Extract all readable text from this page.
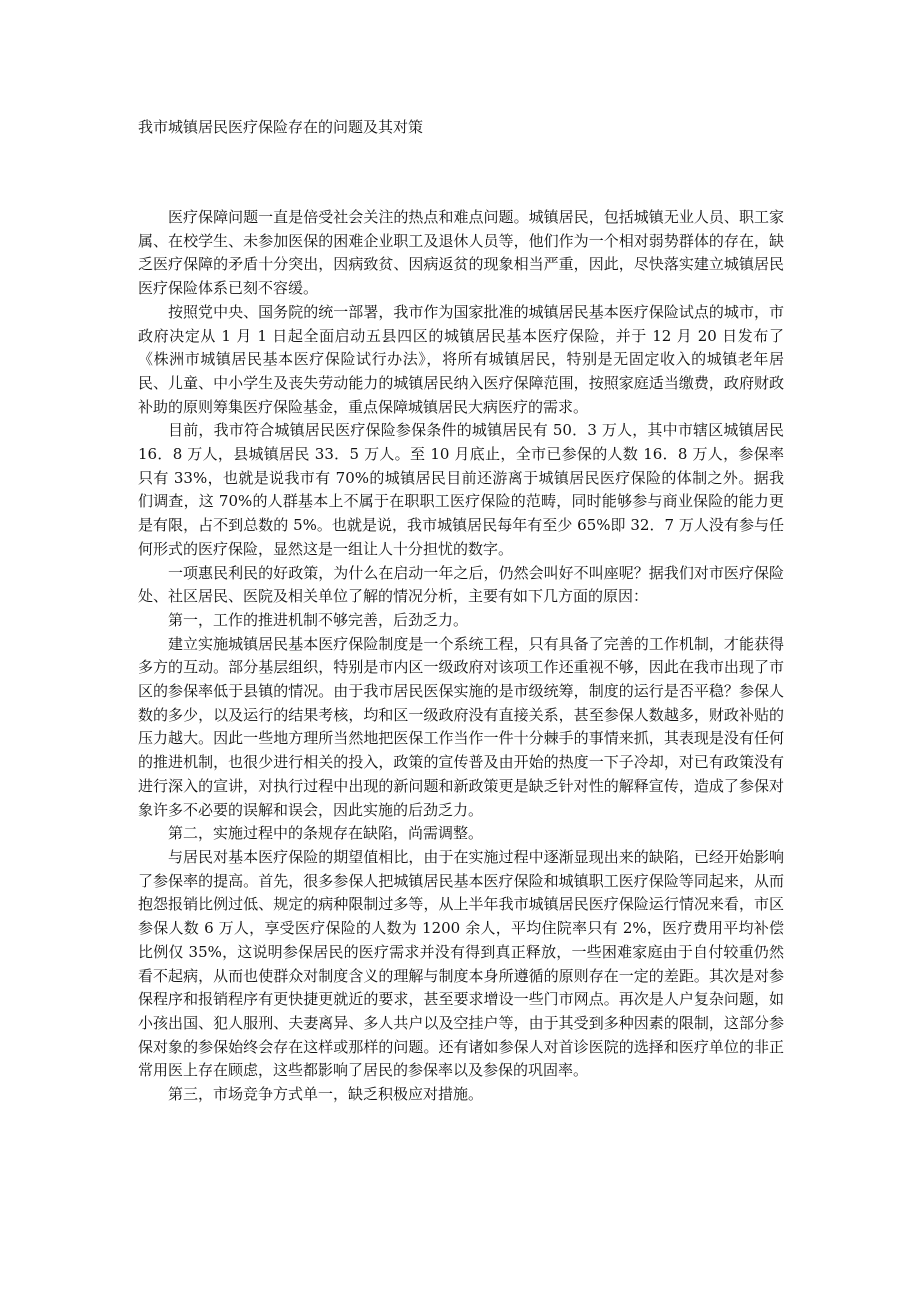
我市城镇居民医疗保险存在的问题及其对策

医疗保障问题一直是倍受社会关注的热点和难点问题。城镇居民，包括城镇无业人员、职工家属、在校学生、未参加医保的困难企业职工及退休人员等，他们作为一个相对弱势群体的存在，缺乏医疗保障的矛盾十分突出，因病致贫、因病返贫的现象相当严重，因此，尽快落实建立城镇居民医疗保险体系已刻不容缓。

按照党中央、国务院的统一部署，我市作为国家批准的城镇居民基本医疗保险试点的城市，市政府决定从 1 月 1 日起全面启动五县四区的城镇居民基本医疗保险，并于 12 月 20 日发布了《株洲市城镇居民基本医疗保险试行办法》，将所有城镇居民，特别是无固定收入的城镇老年居民、儿童、中小学生及丧失劳动能力的城镇居民纳入医疗保障范围，按照家庭适当缴费，政府财政补助的原则筹集医疗保险基金，重点保障城镇居民大病医疗的需求。

目前，我市符合城镇居民医疗保险参保条件的城镇居民有 50．3 万人，其中市辖区城镇居民 16．8 万人，县城镇居民 33．5 万人。至 10 月底止，全市已参保的人数 16．8 万人，参保率只有 33%，也就是说我市有 70%的城镇居民目前还游离于城镇居民医疗保险的体制之外。据我们调查，这 70%的人群基本上不属于在职职工医疗保险的范畴，同时能够参与商业保险的能力更是有限，占不到总数的 5%。也就是说，我市城镇居民每年有至少 65%即 32．7 万人没有参与任何形式的医疗保险，显然这是一组让人十分担忧的数字。

一项惠民利民的好政策，为什么在启动一年之后，仍然会叫好不叫座呢？据我们对市医疗保险处、社区居民、医院及相关单位了解的情况分析，主要有如下几方面的原因：

第一，工作的推进机制不够完善，后劲乏力。

建立实施城镇居民基本医疗保险制度是一个系统工程，只有具备了完善的工作机制，才能获得多方的互动。部分基层组织，特别是市内区一级政府对该项工作还重视不够，因此在我市出现了市区的参保率低于县镇的情况。由于我市居民医保实施的是市级统筹，制度的运行是否平稳？参保人数的多少，以及运行的结果考核，均和区一级政府没有直接关系，甚至参保人数越多，财政补贴的压力越大。因此一些地方理所当然地把医保工作当作一件十分棘手的事情来抓，其表现是没有任何的推进机制，也很少进行相关的投入，政策的宣传普及由开始的热度一下子冷却，对已有政策没有进行深入的宣讲，对执行过程中出现的新问题和新政策更是缺乏针对性的解释宣传，造成了参保对象许多不必要的误解和误会，因此实施的后劲乏力。

第二，实施过程中的条规存在缺陷，尚需调整。

与居民对基本医疗保险的期望值相比，由于在实施过程中逐渐显现出来的缺陷，已经开始影响了参保率的提高。首先，很多参保人把城镇居民基本医疗保险和城镇职工医疗保险等同起来，从而抱怨报销比例过低、规定的病种限制过多等，从上半年我市城镇居民医疗保险运行情况来看，市区参保人数 6 万人，享受医疗保险的人数为 1200 余人，平均住院率只有 2%，医疗费用平均补偿比例仅 35%，这说明参保居民的医疗需求并没有得到真正释放，一些困难家庭由于自付较重仍然看不起病，从而也使群众对制度含义的理解与制度本身所遵循的原则存在一定的差距。其次是对参保程序和报销程序有更快捷更就近的要求，甚至要求增设一些门市网点。再次是人户复杂问题，如小孩出国、犯人服刑、夫妻离异、多人共户以及空挂户等，由于其受到多种因素的限制，这部分参保对象的参保始终会存在这样或那样的问题。还有诸如参保人对首诊医院的选择和医疗单位的非正常用医上存在顾虑，这些都影响了居民的参保率以及参保的巩固率。

第三，市场竞争方式单一，缺乏积极应对措施。
